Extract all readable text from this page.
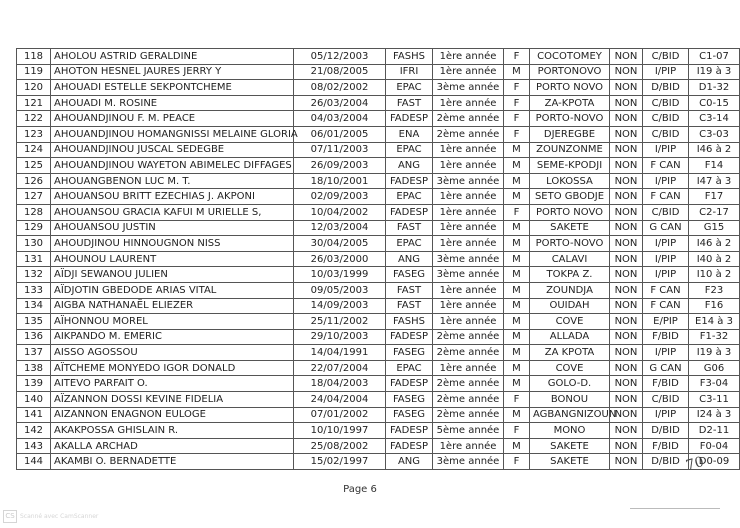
118	AHOLOU ASTRID GERALDINE	05/12/2003	FASHS	1ère année	F	COCOTOMEY	NON	C/BID	C1-07
119	AHOTON HESNEL JAURES JERRY Y	21/08/2005	IFRI	1ère année	M	PORTONOVO	NON	I/PIP	I19 à 3
120	AHOUADI ESTELLE SEKPONTCHEME	08/02/2002	EPAC	3ème année	F	PORTO NOVO	NON	D/BID	D1-32
121	AHOUADI M. ROSINE	26/03/2004	FAST	1ère année	F	ZA-KPOTA	NON	C/BID	C0-15
122	AHOUANDJINOU F. M. PEACE	04/03/2004	FADESP	2ème année	F	PORTO-NOVO	NON	C/BID	C3-14
123	AHOUANDJINOU HOMANGNISSI MELAINE GLORIA	06/01/2005	ENA	2ème année	F	DJEREGBE	NON	C/BID	C3-03
124	AHOUANDJINOU JUSCAL SEDEGBE	07/11/2003	EPAC	1ère année	M	ZOUNZONME	NON	I/PIP	I46 à 2
125	AHOUANDJINOU WAYETON ABIMELEC DIFFAGES	26/09/2003	ANG	1ère année	M	SEME-KPODJI	NON	F CAN	F14
126	AHOUANGBENON LUC M. T.	18/10/2001	FADESP	3ème année	M	LOKOSSA	NON	I/PIP	I47 à 3
127	AHOUANSOU BRITT EZECHIAS J. AKPONI	02/09/2003	EPAC	1ère année	M	SETO GBODJE	NON	F CAN	F17
128	AHOUANSOU GRACIA KAFUI M URIELLE S,	10/04/2002	FADESP	1ère année	F	PORTO NOVO	NON	C/BID	C2-17
129	AHOUANSOU JUSTIN	12/03/2004	FAST	1ère année	M	SAKETE	NON	G CAN	G15
130	AHOUDJINOU HINNOUGNON NISS	30/04/2005	EPAC	1ère année	M	PORTO-NOVO	NON	I/PIP	I46 à 2
131	AHOUNOU LAURENT	26/03/2000	ANG	3ème année	M	CALAVI	NON	I/PIP	I40 à 2
132	AÏDJI SEWANOU JULIEN	10/03/1999	FASEG	3ème année	M	TOKPA Z.	NON	I/PIP	I10 à 2
133	AÏDJOTIN GBEDODE ARIAS VITAL	09/05/2003	FAST	1ère année	M	ZOUNDJA	NON	F CAN	F23
134	AIGBA NATHANAËL ELIEZER	14/09/2003	FAST	1ère année	M	OUIDAH	NON	F CAN	F16
135	AÏHONNOU MOREL	25/11/2002	FASHS	1ère année	M	COVE	NON	E/PIP	E14 à 3
136	AIKPANDO M. EMERIC	29/10/2003	FADESP	2ème année	M	ALLADA	NON	F/BID	F1-32
137	AISSO AGOSSOU	14/04/1991	FASEG	2ème année	M	ZA KPOTA	NON	I/PIP	I19 à 3
138	AÏTCHEME MONYEDO IGOR DONALD	22/07/2004	EPAC	1ère année	M	COVE	NON	G CAN	G06
139	AITEVO PARFAIT O.	18/04/2003	FADESP	2ème année	M	GOLO-D.	NON	F/BID	F3-04
140	AÏZANNON DOSSI KEVINE FIDELIA	24/04/2004	FASEG	2ème année	F	BONOU	NON	C/BID	C3-11
141	AIZANNON ENAGNON EULOGE	07/01/2002	FASEG	2ème année	M	AGBANGNIZOUN	NON	I/PIP	I24 à 3
142	AKAKPOSSA GHISLAIN R.	10/10/1997	FADESP	5ème année	F	MONO	NON	D/BID	D2-11
143	AKALLA ARCHAD	25/08/2002	FADESP	1ère année	M	SAKETE	NON	F/BID	F0-04
144	AKAMBI O. BERNADETTE	15/02/1997	ANG	3ème année	F	SAKETE	NON	D/BID	D0-09
70
Page 6
CS Scanné avec CamScanner
